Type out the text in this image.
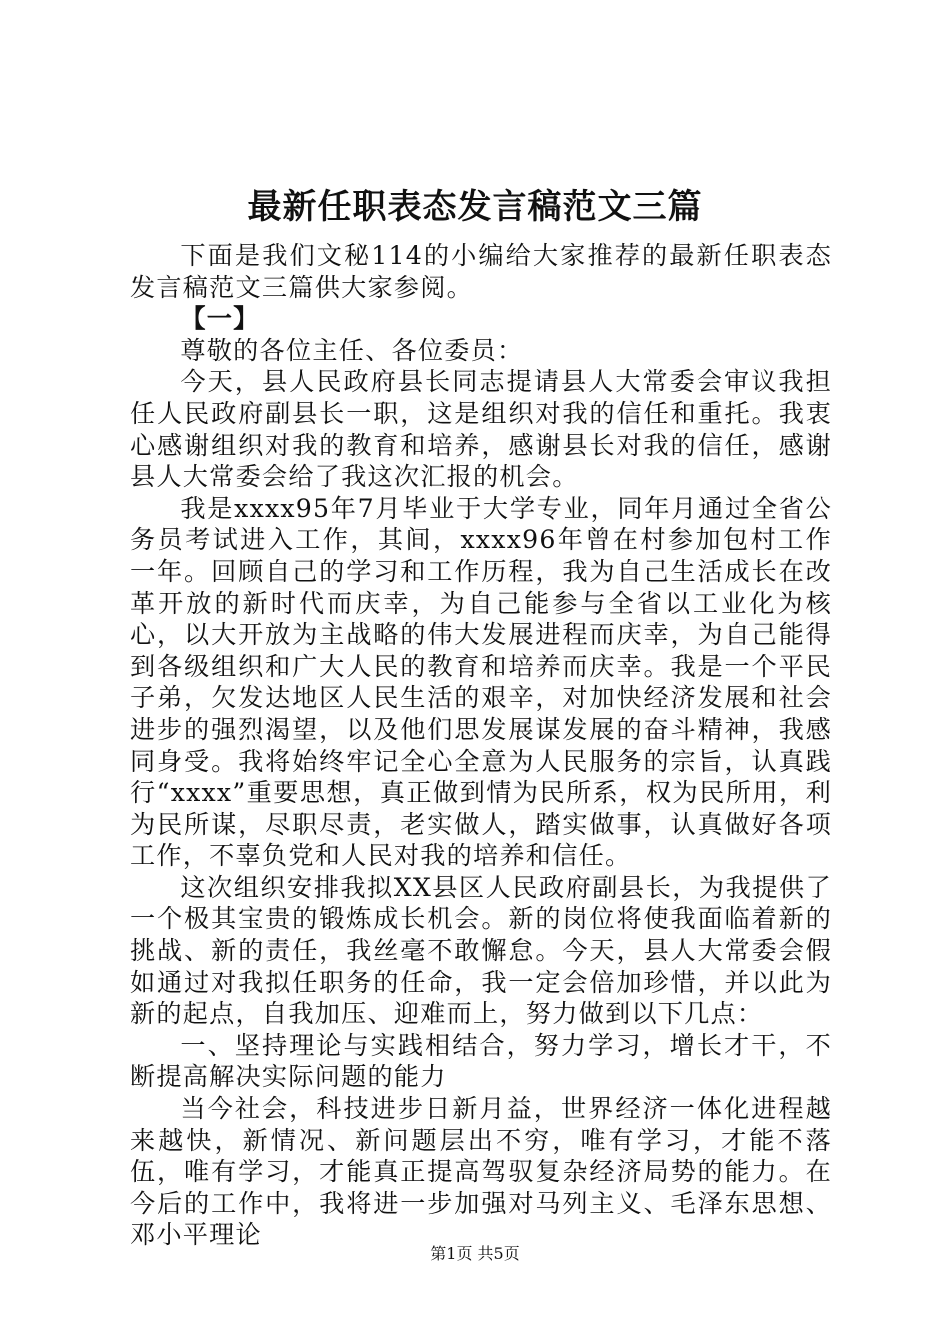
最新任职表态发言稿范文三篇

下面是我们文秘114的小编给大家推荐的最新任职表态发言稿范文三篇供大家参阅。

【一】

尊敬的各位主任、各位委员：

今天，县人民政府县长同志提请县人大常委会审议我担任人民政府副县长一职，这是组织对我的信任和重托。我衷心感谢组织对我的教育和培养，感谢县长对我的信任，感谢县人大常委会给了我这次汇报的机会。

我是xxxx95年7月毕业于大学专业，同年月通过全省公务员考试进入工作，其间，xxxx96年曾在村参加包村工作一年。回顾自己的学习和工作历程，我为自己生活成长在改革开放的新时代而庆幸，为自己能参与全省以工业化为核心，以大开放为主战略的伟大发展进程而庆幸，为自己能得到各级组织和广大人民的教育和培养而庆幸。我是一个平民子弟，欠发达地区人民生活的艰辛，对加快经济发展和社会进步的强烈渴望，以及他们思发展谋发展的奋斗精神，我感同身受。我将始终牢记全心全意为人民服务的宗旨，认真践行“xxxx”重要思想，真正做到情为民所系，权为民所用，利为民所谋，尽职尽责，老实做人，踏实做事，认真做好各项工作，不辜负党和人民对我的培养和信任。

这次组织安排我拟XX县区人民政府副县长，为我提供了一个极其宝贵的锻炼成长机会。新的岗位将使我面临着新的挑战、新的责任，我丝毫不敢懈怠。今天，县人大常委会假如通过对我拟任职务的任命，我一定会倍加珍惜，并以此为新的起点，自我加压、迎难而上，努力做到以下几点：

一、坚持理论与实践相结合，努力学习，增长才干，不断提高解决实际问题的能力

当今社会，科技进步日新月益，世界经济一体化进程越来越快，新情况、新问题层出不穷，唯有学习，才能不落伍，唯有学习，才能真正提高驾驭复杂经济局势的能力。在今后的工作中，我将进一步加强对马列主义、毛泽东思想、邓小平理论

第1页 共5页
